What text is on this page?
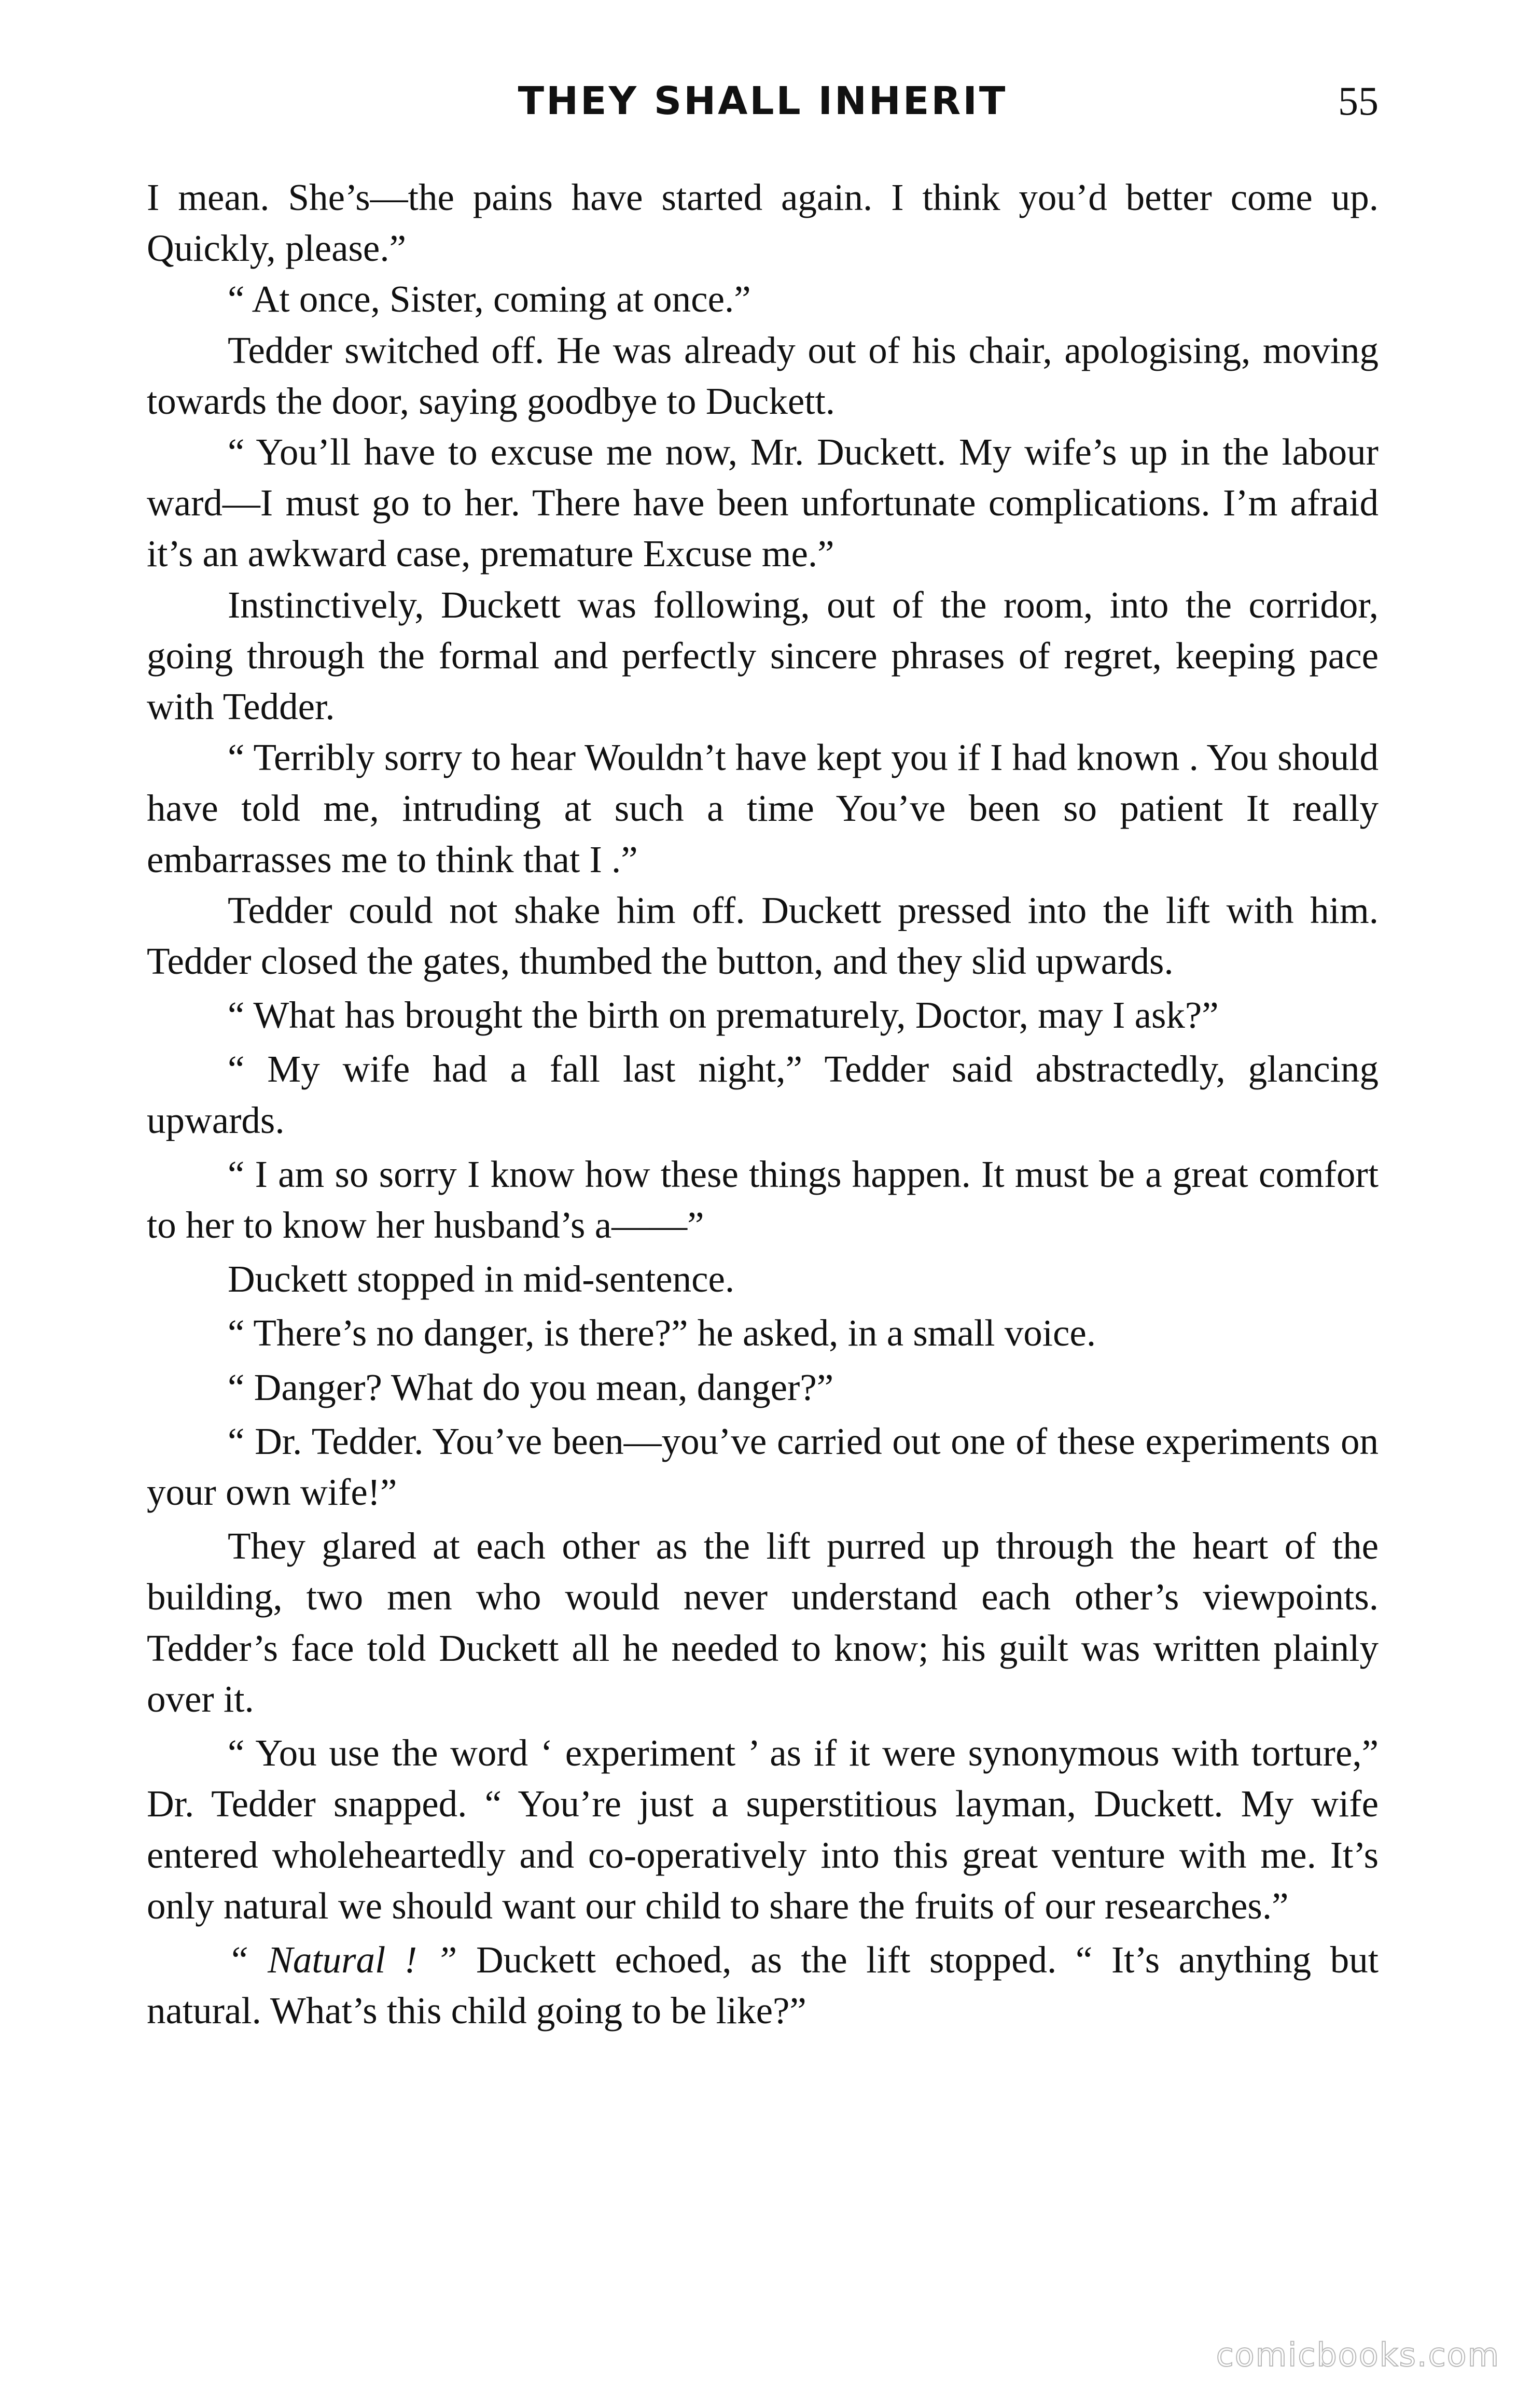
THEY SHALL INHERIT	55

I mean. She’s—the pains have started again. I think you’d better come up. Quickly, please.”

“ At once, Sister, coming at once.”

Tedder switched off. He was already out of his chair, apologising, moving towards the door, saying goodbye to Duckett.

“ You’ll have to excuse me now, Mr. Duckett. My wife’s up in the labour ward—I must go to her. There have been unfortunate complications. I’m afraid it’s an awkward case, premature Excuse me.”

Instinctively, Duckett was following, out of the room, into the corridor, going through the formal and perfectly sincere phrases of regret, keeping pace with Tedder.

“ Terribly sorry to hear Wouldn’t have kept you if I had known . You should have told me, intruding at such a time You’ve been so patient It really embarrasses me to think that I .”

Tedder could not shake him off. Duckett pressed into the lift with him. Tedder closed the gates, thumbed the button, and they slid upwards.

“ What has brought the birth on prematurely, Doctor, may I ask?”

“ My wife had a fall last night,” Tedder said abstractedly, glancing upwards.

“ I am so sorry I know how these things happen. It must be a great comfort to her to know her husband’s a——”

Duckett stopped in mid-sentence.

“ There’s no danger, is there?” he asked, in a small voice.

“ Danger? What do you mean, danger?”

“ Dr. Tedder. You’ve been—you’ve carried out one of these experiments on your own wife!”

They glared at each other as the lift purred up through the heart of the building, two men who would never understand each other’s viewpoints. Tedder’s face told Duckett all he needed to know; his guilt was written plainly over it.

“ You use the word ‘ experiment ’ as if it were synonymous with torture,” Dr. Tedder snapped. “ You’re just a superstitious layman, Duckett. My wife entered wholeheartedly and co-operatively into this great venture with me. It’s only natural we should want our child to share the fruits of our researches.”

“ Natural ! ” Duckett echoed, as the lift stopped. “ It’s anything but natural. What’s this child going to be like?”

comicbooks.com
